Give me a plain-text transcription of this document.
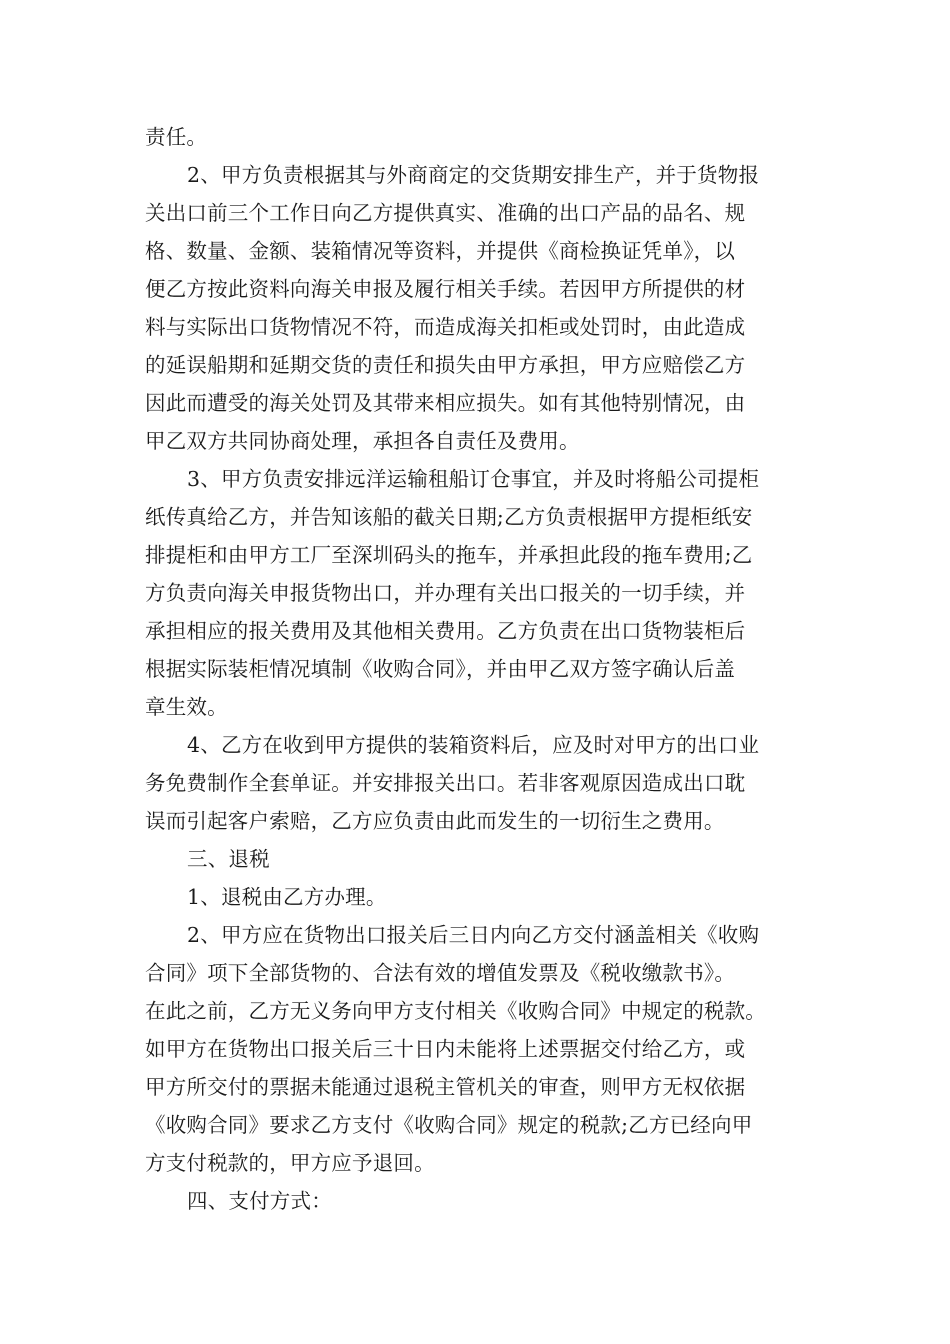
责任。
2、甲方负责根据其与外商商定的交货期安排生产，并于货物报
关出口前三个工作日向乙方提供真实、准确的出口产品的品名、规
格、数量、金额、装箱情况等资料，并提供《商检换证凭单》，以
便乙方按此资料向海关申报及履行相关手续。若因甲方所提供的材
料与实际出口货物情况不符，而造成海关扣柜或处罚时，由此造成
的延误船期和延期交货的责任和损失由甲方承担，甲方应赔偿乙方
因此而遭受的海关处罚及其带来相应损失。如有其他特别情况，由
甲乙双方共同协商处理，承担各自责任及费用。
3、甲方负责安排远洋运输租船订仓事宜，并及时将船公司提柜
纸传真给乙方，并告知该船的截关日期;乙方负责根据甲方提柜纸安
排提柜和由甲方工厂至深圳码头的拖车，并承担此段的拖车费用;乙
方负责向海关申报货物出口，并办理有关出口报关的一切手续，并
承担相应的报关费用及其他相关费用。乙方负责在出口货物装柜后
根据实际装柜情况填制《收购合同》，并由甲乙双方签字确认后盖
章生效。
4、乙方在收到甲方提供的装箱资料后，应及时对甲方的出口业
务免费制作全套单证。并安排报关出口。若非客观原因造成出口耽
误而引起客户索赔，乙方应负责由此而发生的一切衍生之费用。
三、退税
1、退税由乙方办理。
2、甲方应在货物出口报关后三日内向乙方交付涵盖相关《收购
合同》项下全部货物的、合法有效的增值发票及《税收缴款书》。
在此之前，乙方无义务向甲方支付相关《收购合同》中规定的税款。
如甲方在货物出口报关后三十日内未能将上述票据交付给乙方，或
甲方所交付的票据未能通过退税主管机关的审查，则甲方无权依据
《收购合同》要求乙方支付《收购合同》规定的税款;乙方已经向甲
方支付税款的，甲方应予退回。
四、支付方式：
